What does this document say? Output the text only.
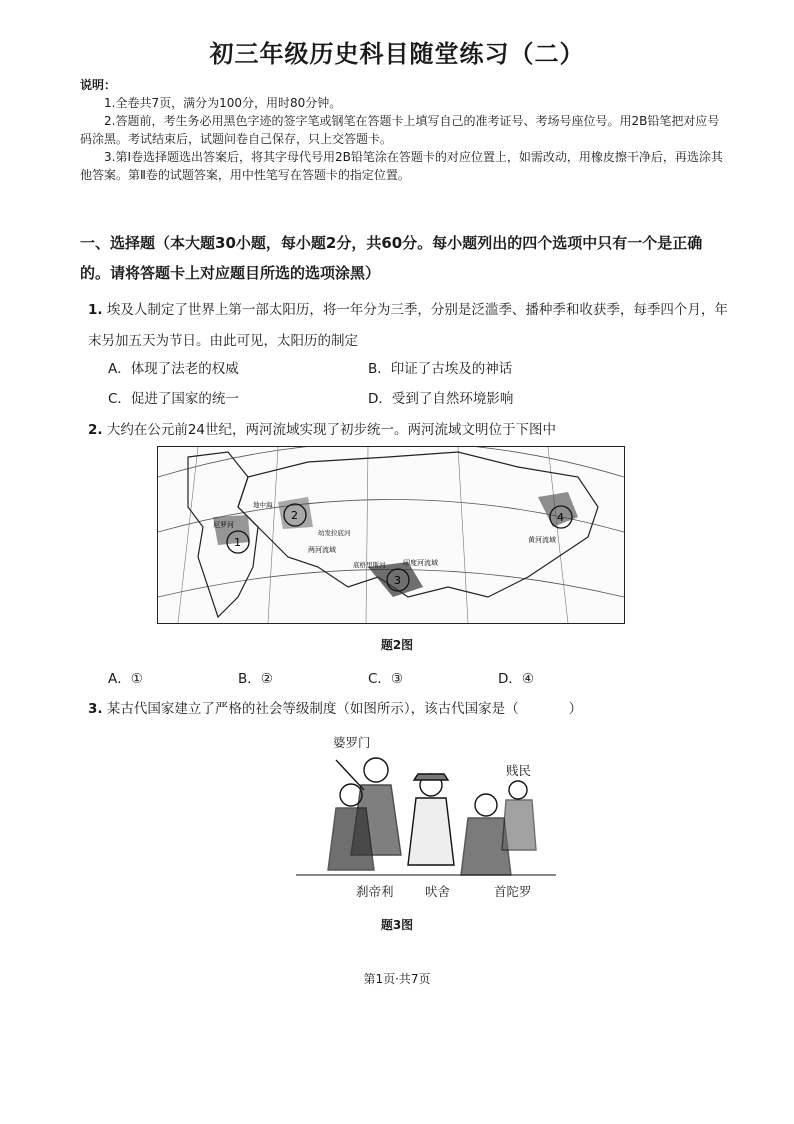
初三年级历史科目随堂练习（二）
说明：

1.全卷共7页，满分为100分，用时80分钟。

2.答题前，考生务必用黑色字迹的签字笔或钢笔在答题卡上填写自己的准考证号、考场号座位号。用2B铅笔把对应号码涂黑。考试结束后，试题问卷自己保存，只上交答题卡。

3.第Ⅰ卷选择题选出答案后，将其字母代号用2B铅笔涂在答题卡的对应位置上，如需改动，用橡皮擦干净后，再选涂其他答案。第Ⅱ卷的试题答案，用中性笔写在答题卡的指定位置。

一、选择题（本大题30小题，每小题2分，共60分。每小题列出的四个选项中只有一个是正确的。请将答题卡上对应题目所选的选项涂黑）
1. 埃及人制定了世界上第一部太阳历，将一年分为三季，分别是泛滥季、播种季和收获季，每季四个月，年末另加五天为节日。由此可见，太阳历的制定
A．体现了法老的权威	B．印证了古埃及的神话
C．促进了国家的统一	D．受到了自然环境影响
2. 大约在公元前24世纪，两河流域实现了初步统一。两河流域文明位于下图中
1
2
3
4
尼罗河
两河流域
印度河流域
幼发拉底河
底格里斯河
地中海
黄河流域
题2图
A．①	B．②	C．③	D．④
3. 某古代国家建立了严格的社会等级制度（如图所示），该古代国家是（	）
婆罗门
贱民
刹帝利	吠舍	首陀罗
题3图
第1页·共7页
